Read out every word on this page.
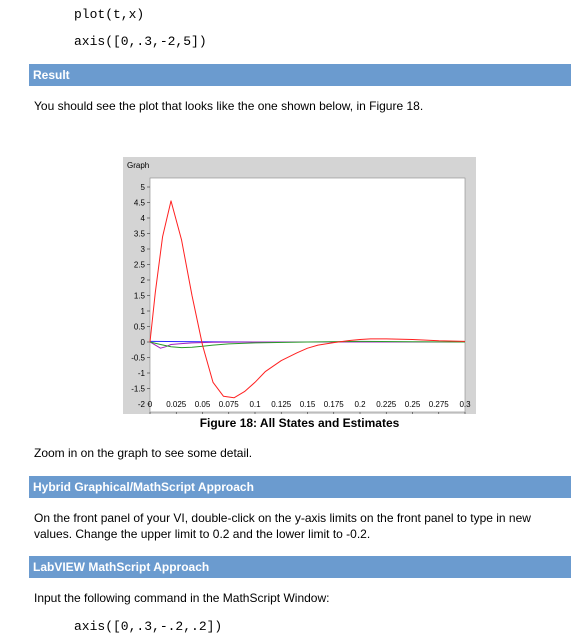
plot(t,x)
axis([0,.3,-2,5])
Result
You should see the plot that looks like the one shown below, in Figure 18.
Graph
5
4.5
4
3.5
3
2.5
2
1.5
1
0.5
0
-0.5
-1
-1.5
-2 0 0.025 0.05 0.075 0.1 0.125 0.15 0.175 0.2 0.225 0.25 0.275 0.3
Figure 18: All States and Estimates
Zoom in on the graph to see some detail.
Hybrid Graphical/MathScript Approach
On the front panel of your VI, double-click on the y-axis limits on the front panel to type in new values. Change the upper limit to 0.2 and the lower limit to -0.2.
LabVIEW MathScript Approach
Input the following command in the MathScript Window:
axis([0,.3,-.2,.2])
